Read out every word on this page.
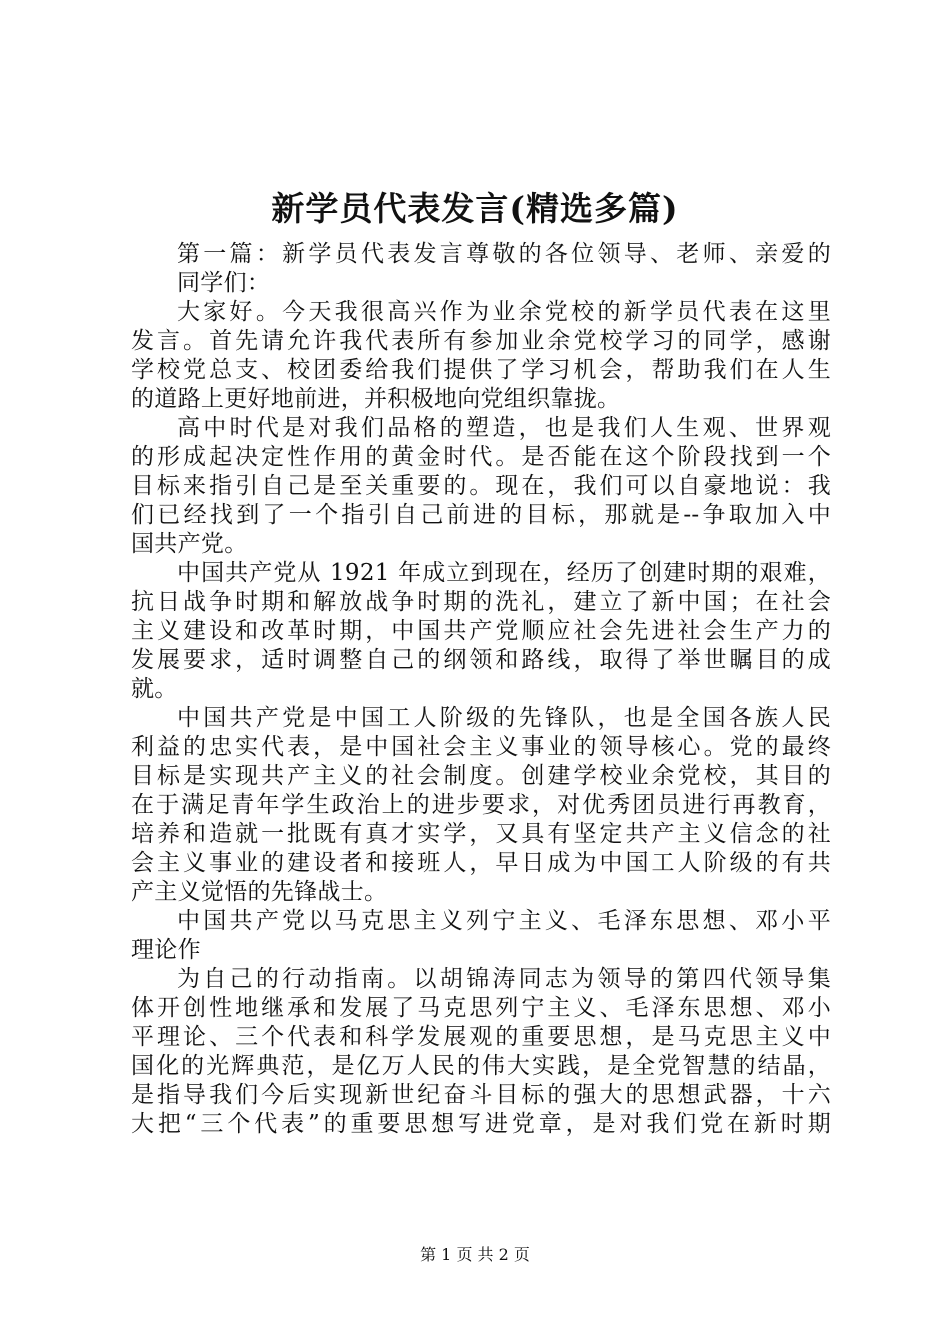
新学员代表发言(精选多篇)
第一篇：新学员代表发言尊敬的各位领导、老师、亲爱的
同学们：
大家好。今天我很高兴作为业余党校的新学员代表在这里
发言。首先请允许我代表所有参加业余党校学习的同学，感谢
学校党总支、校团委给我们提供了学习机会，帮助我们在人生
的道路上更好地前进，并积极地向党组织靠拢。
高中时代是对我们品格的塑造，也是我们人生观、世界观
的形成起决定性作用的黄金时代。是否能在这个阶段找到一个
目标来指引自己是至关重要的。现在，我们可以自豪地说：我
们已经找到了一个指引自己前进的目标，那就是--争取加入中
国共产党。
中国共产党从 1921 年成立到现在，经历了创建时期的艰难，
抗日战争时期和解放战争时期的洗礼，建立了新中国；在社会
主义建设和改革时期，中国共产党顺应社会先进社会生产力的
发展要求，适时调整自己的纲领和路线，取得了举世瞩目的成
就。
中国共产党是中国工人阶级的先锋队，也是全国各族人民
利益的忠实代表，是中国社会主义事业的领导核心。党的最终
目标是实现共产主义的社会制度。创建学校业余党校，其目的
在于满足青年学生政治上的进步要求，对优秀团员进行再教育，
培养和造就一批既有真才实学，又具有坚定共产主义信念的社
会主义事业的建设者和接班人，早日成为中国工人阶级的有共
产主义觉悟的先锋战士。
中国共产党以马克思主义列宁主义、毛泽东思想、邓小平
理论作
为自己的行动指南。以胡锦涛同志为领导的第四代领导集
体开创性地继承和发展了马克思列宁主义、毛泽东思想、邓小
平理论、三个代表和科学发展观的重要思想，是马克思主义中
国化的光辉典范，是亿万人民的伟大实践，是全党智慧的结晶，
是指导我们今后实现新世纪奋斗目标的强大的思想武器，十六
大把“三个代表”的重要思想写进党章，是对我们党在新时期
第 1 页 共 2 页
